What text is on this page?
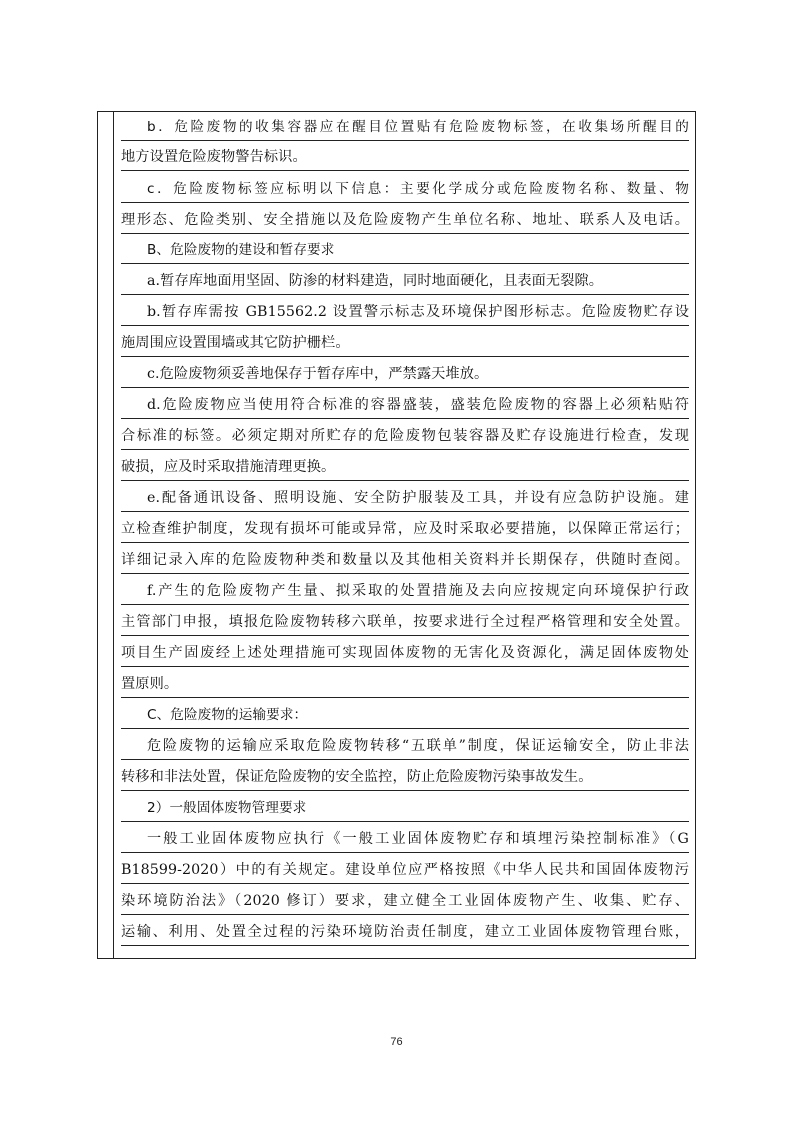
b．危险废物的收集容器应在醒目位置贴有危险废物标签，在收集场所醒目的
地方设置危险废物警告标识。
c．危险废物标签应标明以下信息：主要化学成分或危险废物名称、数量、物
理形态、危险类别、安全措施以及危险废物产生单位名称、地址、联系人及电话。
B、危险废物的建设和暂存要求
a.暂存库地面用坚固、防渗的材料建造，同时地面硬化，且表面无裂隙。
b.暂存库需按 GB15562.2 设置警示标志及环境保护图形标志。危险废物贮存设
施周围应设置围墙或其它防护栅栏。
c.危险废物须妥善地保存于暂存库中，严禁露天堆放。
d.危险废物应当使用符合标准的容器盛装，盛装危险废物的容器上必须粘贴符
合标准的标签。必须定期对所贮存的危险废物包装容器及贮存设施进行检查，发现
破损，应及时采取措施清理更换。
e.配备通讯设备、照明设施、安全防护服装及工具，并设有应急防护设施。建
立检查维护制度，发现有损坏可能或异常，应及时采取必要措施，以保障正常运行；
详细记录入库的危险废物种类和数量以及其他相关资料并长期保存，供随时查阅。
f.产生的危险废物产生量、拟采取的处置措施及去向应按规定向环境保护行政
主管部门申报，填报危险废物转移六联单，按要求进行全过程严格管理和安全处置。
项目生产固废经上述处理措施可实现固体废物的无害化及资源化，满足固体废物处
置原则。
C、危险废物的运输要求：
危险废物的运输应采取危险废物转移“五联单”制度，保证运输安全，防止非法
转移和非法处置，保证危险废物的安全监控，防止危险废物污染事故发生。
2）一般固体废物管理要求
一般工业固体废物应执行《一般工业固体废物贮存和填埋污染控制标准》（G
B18599-2020）中的有关规定。建设单位应严格按照《中华人民共和国固体废物污
染环境防治法》（2020 修订）要求，建立健全工业固体废物产生、收集、贮存、
运输、利用、处置全过程的污染环境防治责任制度，建立工业固体废物管理台账，
76
